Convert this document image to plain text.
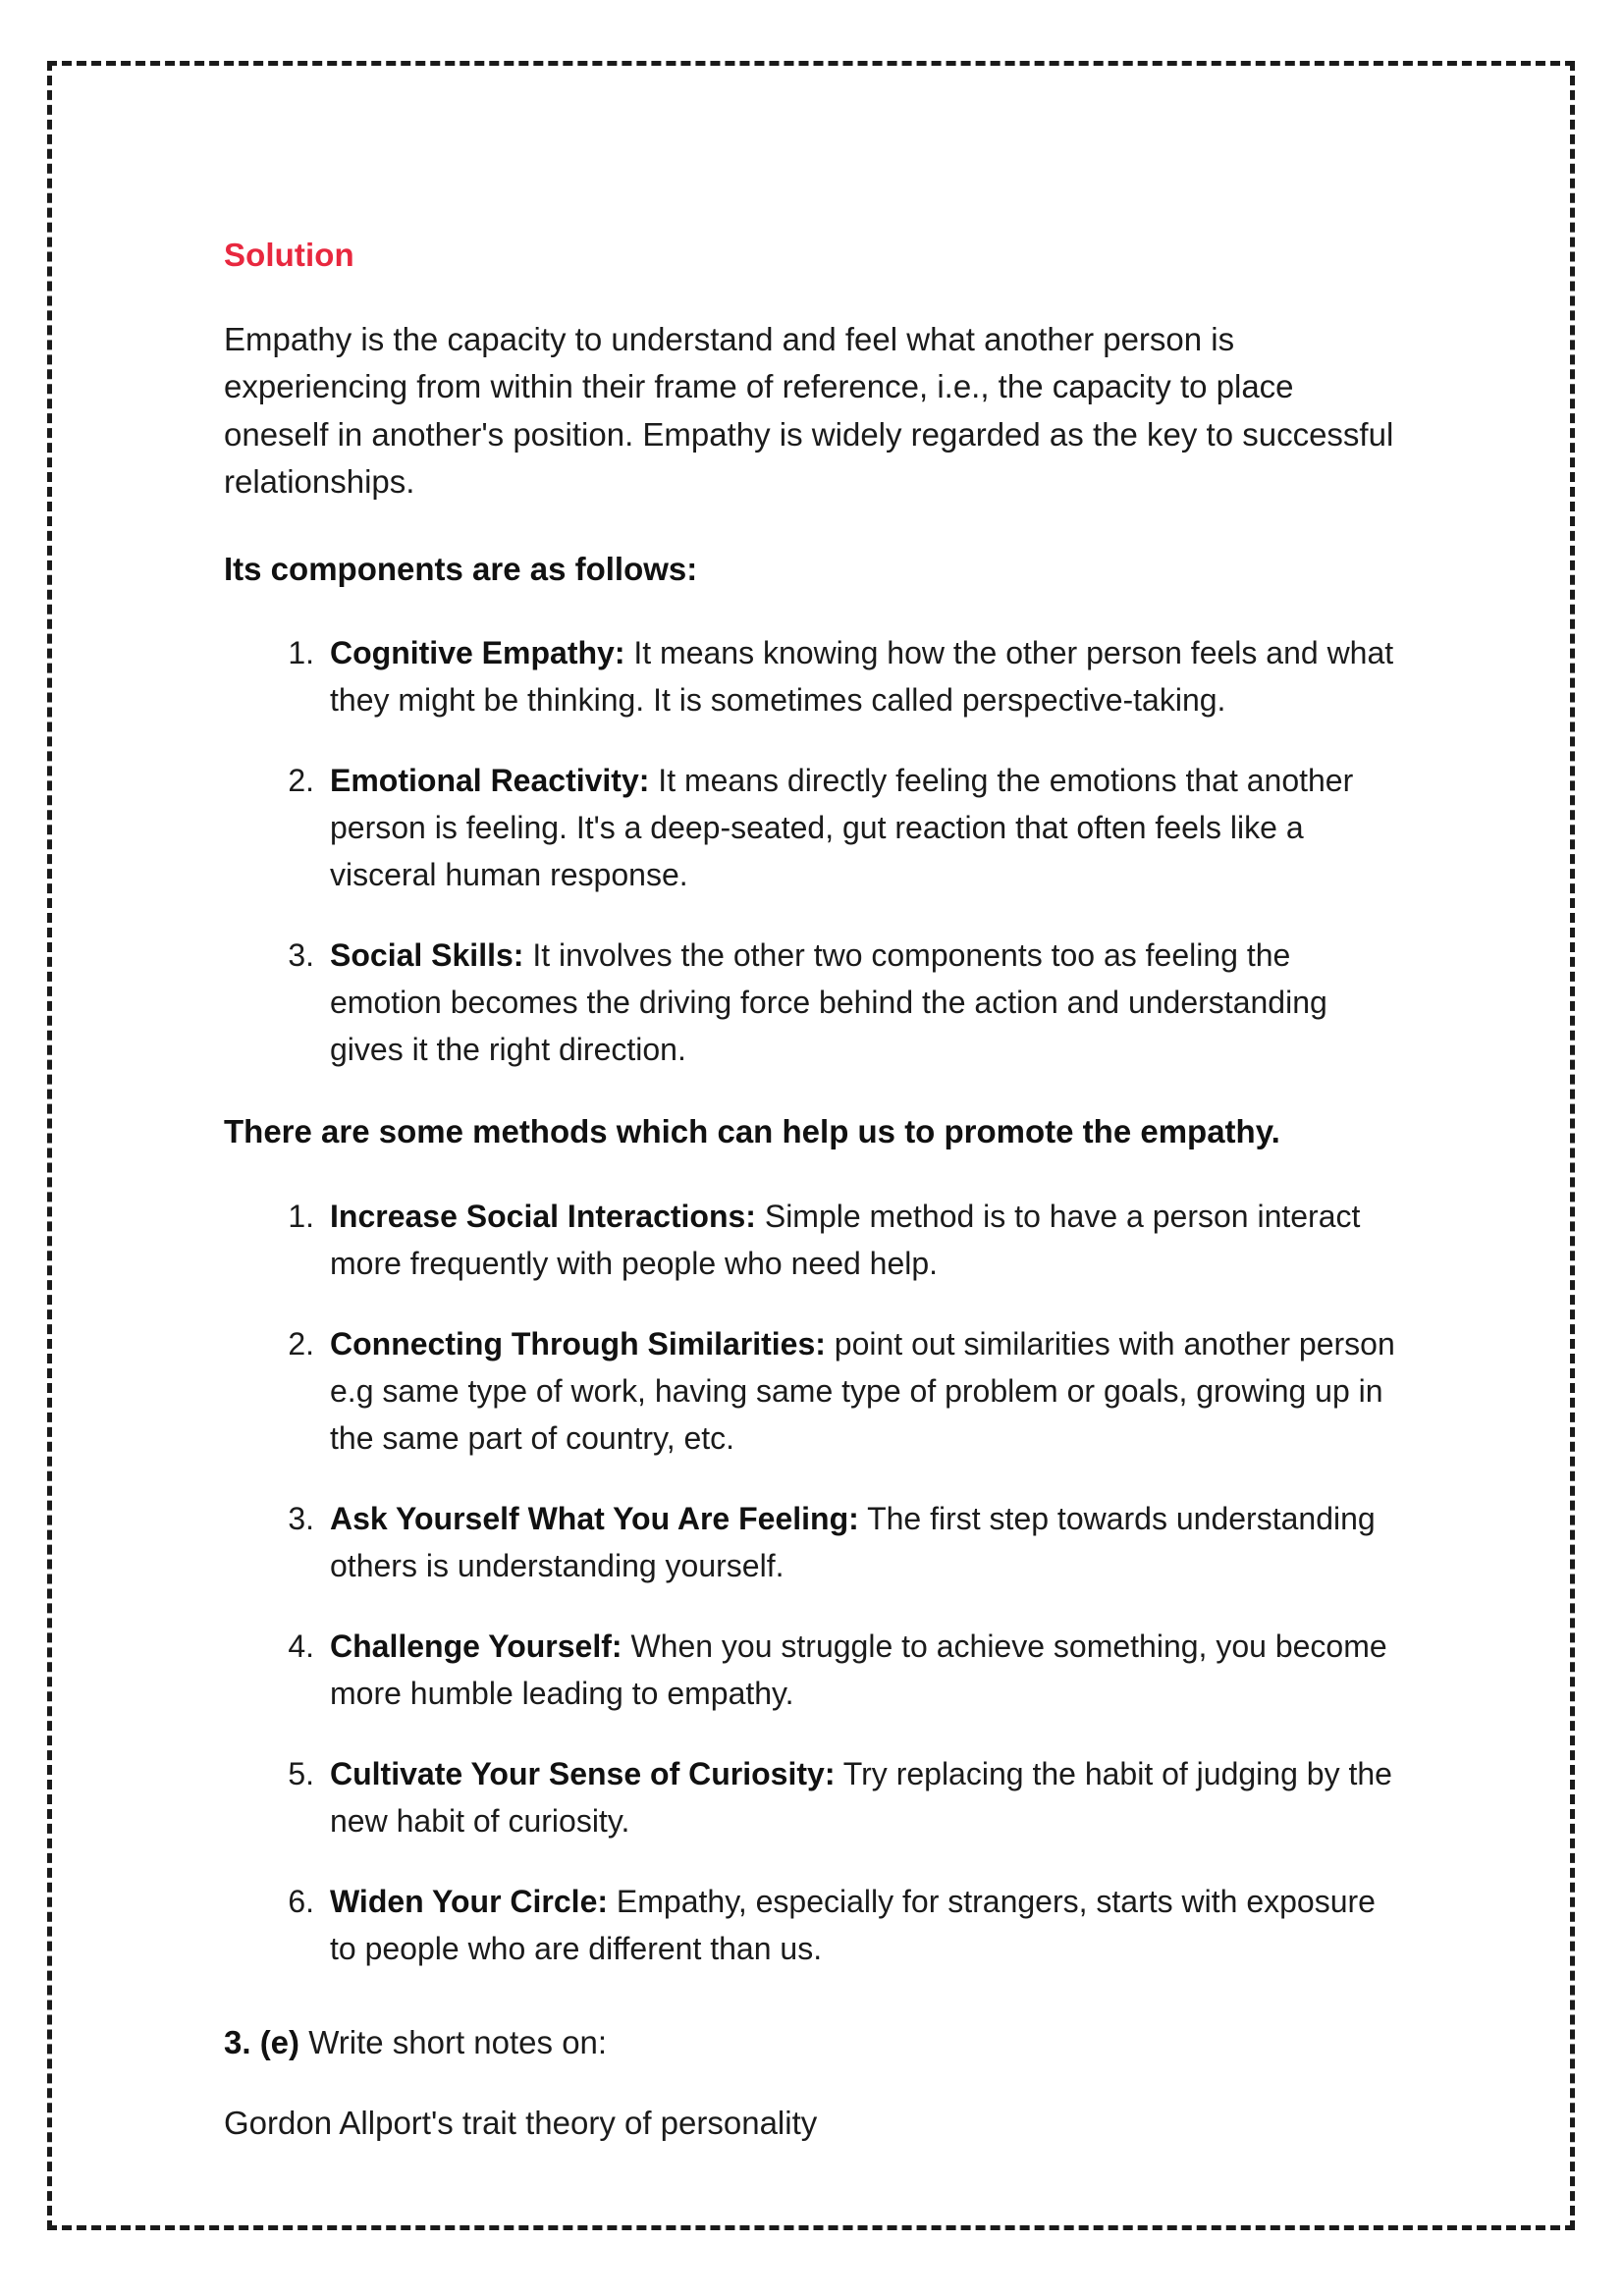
Solution

Empathy is the capacity to understand and feel what another person is experiencing from within their frame of reference, i.e., the capacity to place oneself in another's position. Empathy is widely regarded as the key to successful relationships.

Its components are as follows:

Cognitive Empathy: It means knowing how the other person feels and what they might be thinking. It is sometimes called perspective-taking.
Emotional Reactivity: It means directly feeling the emotions that another person is feeling. It's a deep-seated, gut reaction that often feels like a visceral human response.
Social Skills: It involves the other two components too as feeling the emotion becomes the driving force behind the action and understanding gives it the right direction.

There are some methods which can help us to promote the empathy.

Increase Social Interactions: Simple method is to have a person interact more frequently with people who need help.
Connecting Through Similarities: point out similarities with another person e.g same type of work, having same type of problem or goals, growing up in the same part of country, etc.
Ask Yourself What You Are Feeling: The first step towards understanding others is understanding yourself.
Challenge Yourself: When you struggle to achieve something, you become more humble leading to empathy.
Cultivate Your Sense of Curiosity: Try replacing the habit of judging by the new habit of curiosity.
Widen Your Circle: Empathy, especially for strangers, starts with exposure to people who are different than us.

3. (e) Write short notes on:

Gordon Allport's trait theory of personality
